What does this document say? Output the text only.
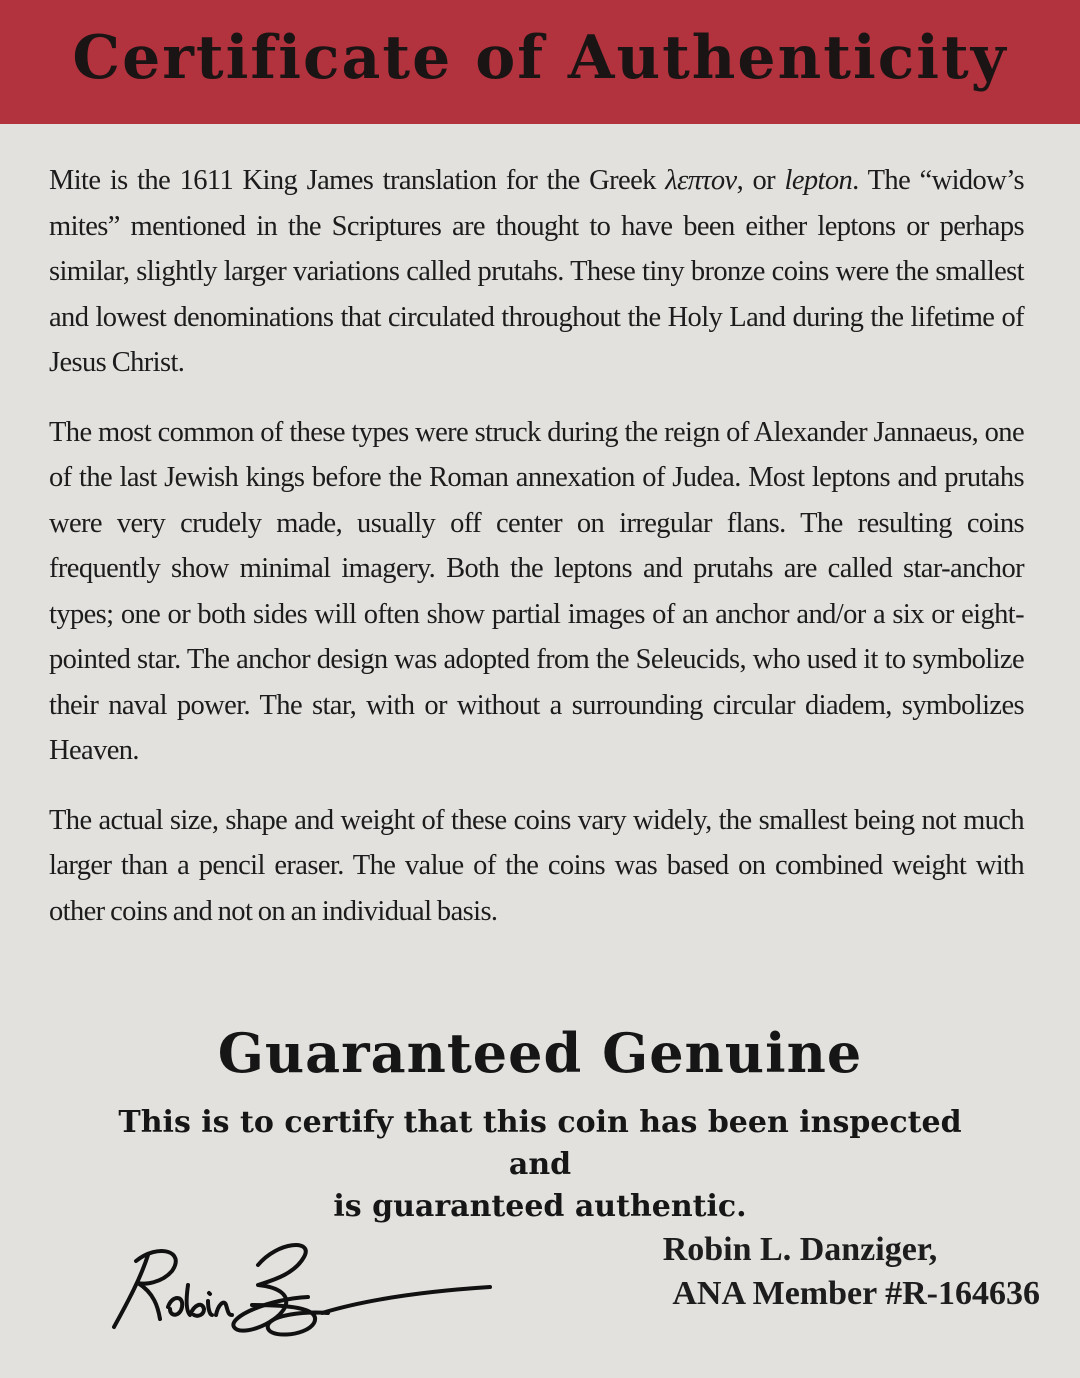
Certificate of Authenticity

Mite is the 1611 King James translation for the Greek λεπτον, or lepton. The “widow’s mites” mentioned in the Scriptures are thought to have been either leptons or perhaps similar, slightly larger variations called prutahs. These tiny bronze coins were the smallest and lowest denominations that circulated throughout the Holy Land during the lifetime of Jesus Christ.

The most common of these types were struck during the reign of Alexander Jannaeus, one of the last Jewish kings before the Roman annexation of Judea. Most leptons and prutahs were very crudely made, usually off center on irregular flans. The resulting coins frequently show minimal imagery. Both the leptons and prutahs are called star-anchor types; one or both sides will often show partial images of an anchor and/or a six or eight-pointed star. The anchor design was adopted from the Seleucids, who used it to symbolize their naval power. The star, with or without a surrounding circular diadem, symbolizes Heaven.

The actual size, shape and weight of these coins vary widely, the smallest being not much larger than a pencil eraser. The value of the coins was based on combined weight with other coins and not on an individual basis.

Guaranteed Genuine
This is to certify that this coin has been inspected and
is guaranteed authentic.
Robin L. Danziger,
ANA Member #R-164636
